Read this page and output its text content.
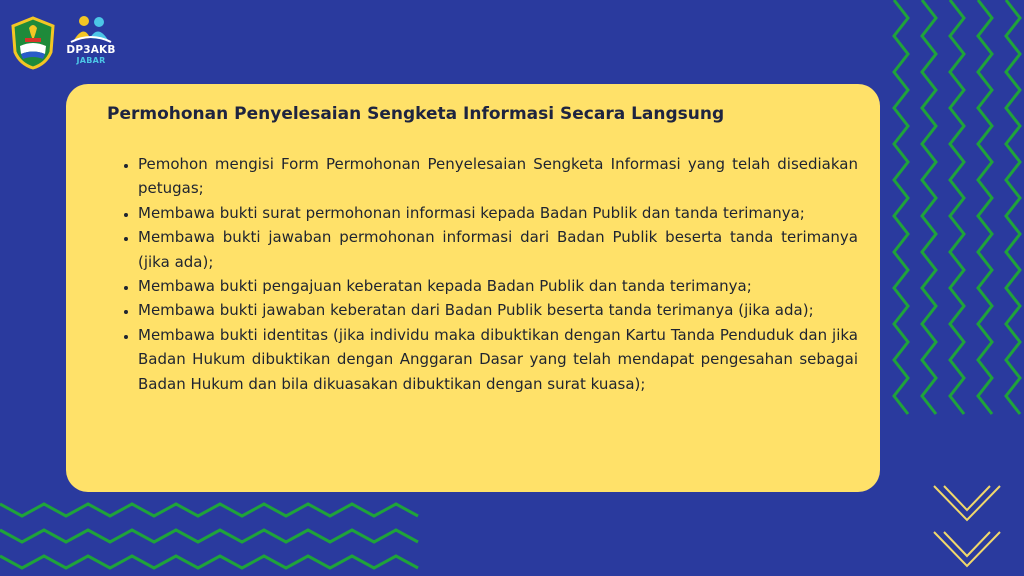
DP3AKB
JABAR
Permohonan Penyelesaian Sengketa Informasi Secara Langsung
• Pemohon mengisi Form Permohonan Penyelesaian Sengketa Informasi yang telah disediakan petugas;
• Membawa bukti surat permohonan informasi kepada Badan Publik dan tanda terimanya;
• Membawa bukti jawaban permohonan informasi dari Badan Publik beserta tanda terimanya (jika ada);
• Membawa bukti pengajuan keberatan kepada Badan Publik dan tanda terimanya;
• Membawa bukti jawaban keberatan dari Badan Publik beserta tanda terimanya (jika ada);
• Membawa bukti identitas (jika individu maka dibuktikan dengan Kartu Tanda Penduduk dan jika Badan Hukum dibuktikan dengan Anggaran Dasar yang telah mendapat pengesahan sebagai Badan Hukum dan bila dikuasakan dibuktikan dengan surat kuasa);
